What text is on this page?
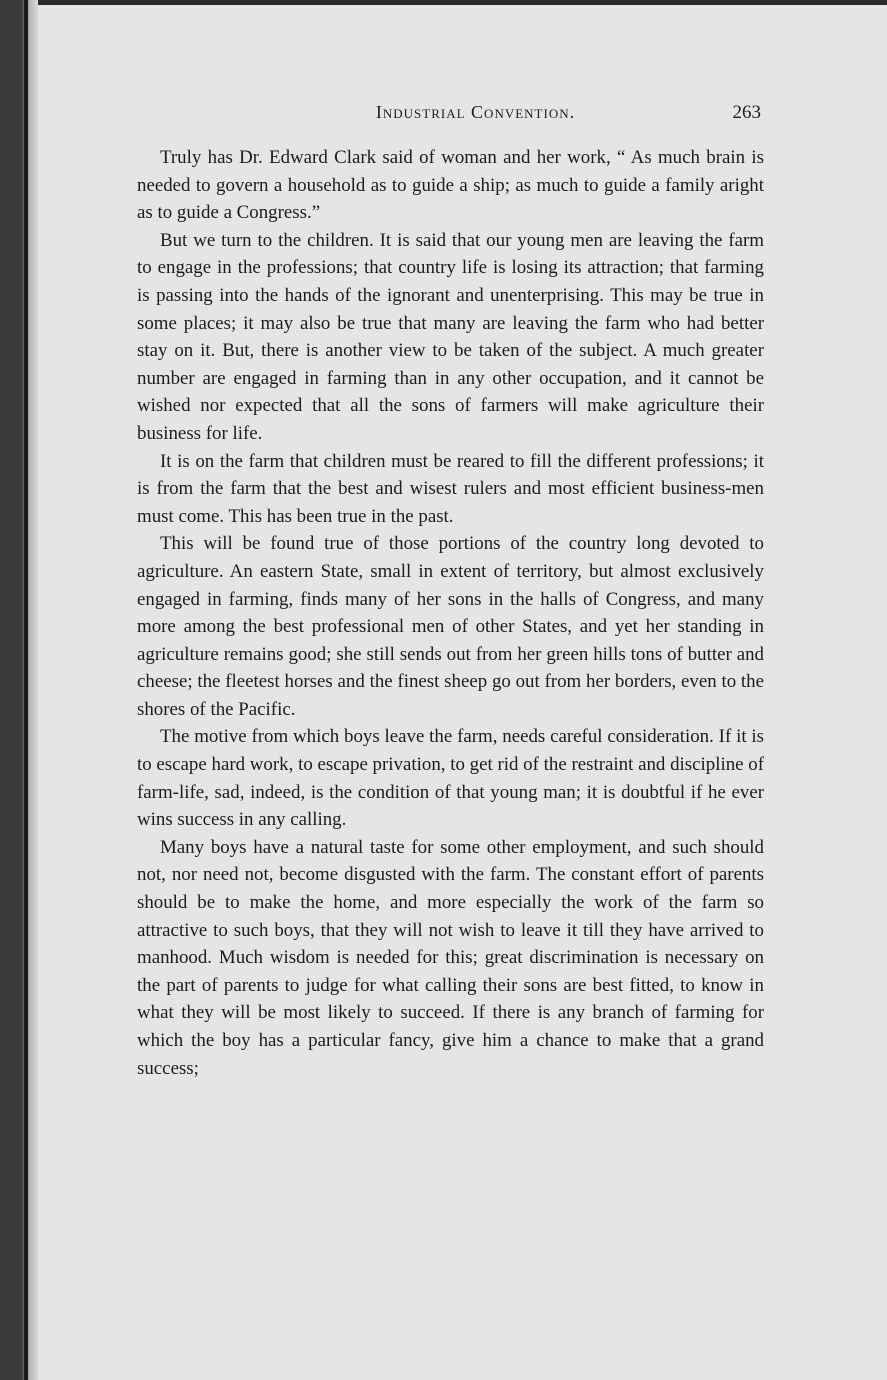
Industrial Convention.	263

Truly has Dr. Edward Clark said of woman and her work, “ As much brain is needed to govern a household as to guide a ship; as much to guide a family aright as to guide a Congress.”

But we turn to the children. It is said that our young men are leaving the farm to engage in the professions; that country life is losing its attraction; that farming is passing into the hands of the ignorant and unenterprising. This may be true in some places; it may also be true that many are leaving the farm who had better stay on it. But, there is another view to be taken of the subject. A much greater number are engaged in farming than in any other occupation, and it cannot be wished nor expected that all the sons of farmers will make agriculture their business for life.

It is on the farm that children must be reared to fill the different professions; it is from the farm that the best and wisest rulers and most efficient business-men must come. This has been true in the past.

This will be found true of those portions of the country long devoted to agriculture. An eastern State, small in extent of territory, but almost exclusively engaged in farming, finds many of her sons in the halls of Congress, and many more among the best professional men of other States, and yet her standing in agriculture remains good; she still sends out from her green hills tons of butter and cheese; the fleetest horses and the finest sheep go out from her borders, even to the shores of the Pacific.

The motive from which boys leave the farm, needs careful consideration. If it is to escape hard work, to escape privation, to get rid of the restraint and discipline of farm-life, sad, indeed, is the condition of that young man; it is doubtful if he ever wins success in any calling.

Many boys have a natural taste for some other employment, and such should not, nor need not, become disgusted with the farm. The constant effort of parents should be to make the home, and more especially the work of the farm so attractive to such boys, that they will not wish to leave it till they have arrived to manhood. Much wisdom is needed for this; great discrimination is necessary on the part of parents to judge for what calling their sons are best fitted, to know in what they will be most likely to succeed. If there is any branch of farming for which the boy has a particular fancy, give him a chance to make that a grand success;
